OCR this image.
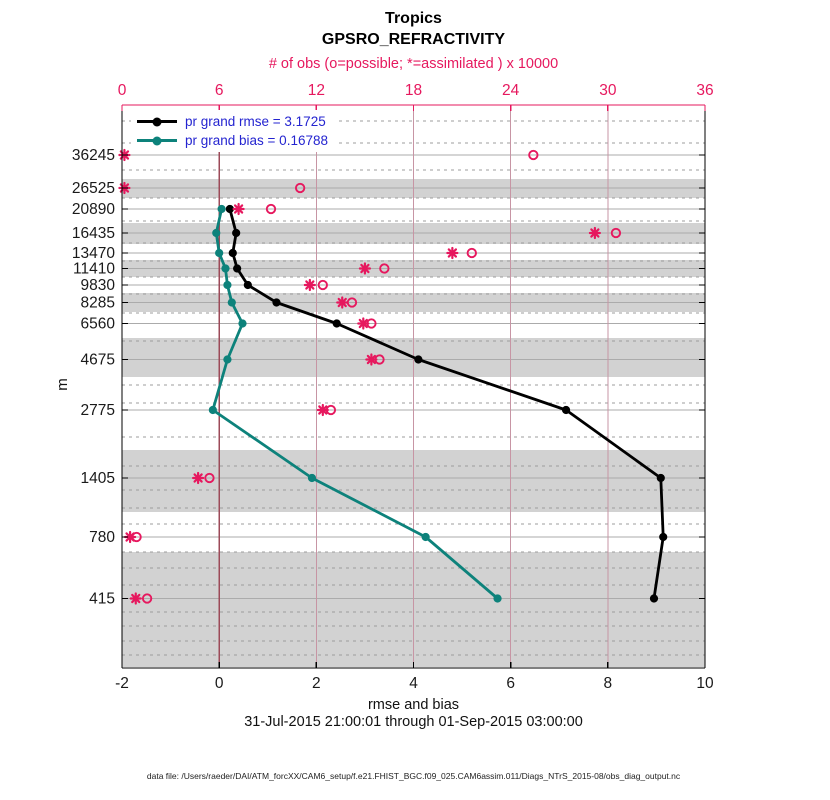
-2	0	2	4	6	8	10
0	6	12	18	24	30	36
36245
26525
20890
16435
13470
11410
9830
8285
6560
4675
2775
1405
780
415
Tropics
GPSRO_REFRACTIVITY
# of obs (o=possible; *=assimilated ) x 10000
pr grand rmse = 3.1725
pr grand bias = 0.16788
m
rmse and bias
31-Jul-2015 21:00:01 through 01-Sep-2015 03:00:00
data file: /Users/raeder/DAI/ATM_forcXX/CAM6_setup/f.e21.FHIST_BGC.f09_025.CAM6assim.011/Diags_NTrS_2015-08/obs_diag_output.nc
